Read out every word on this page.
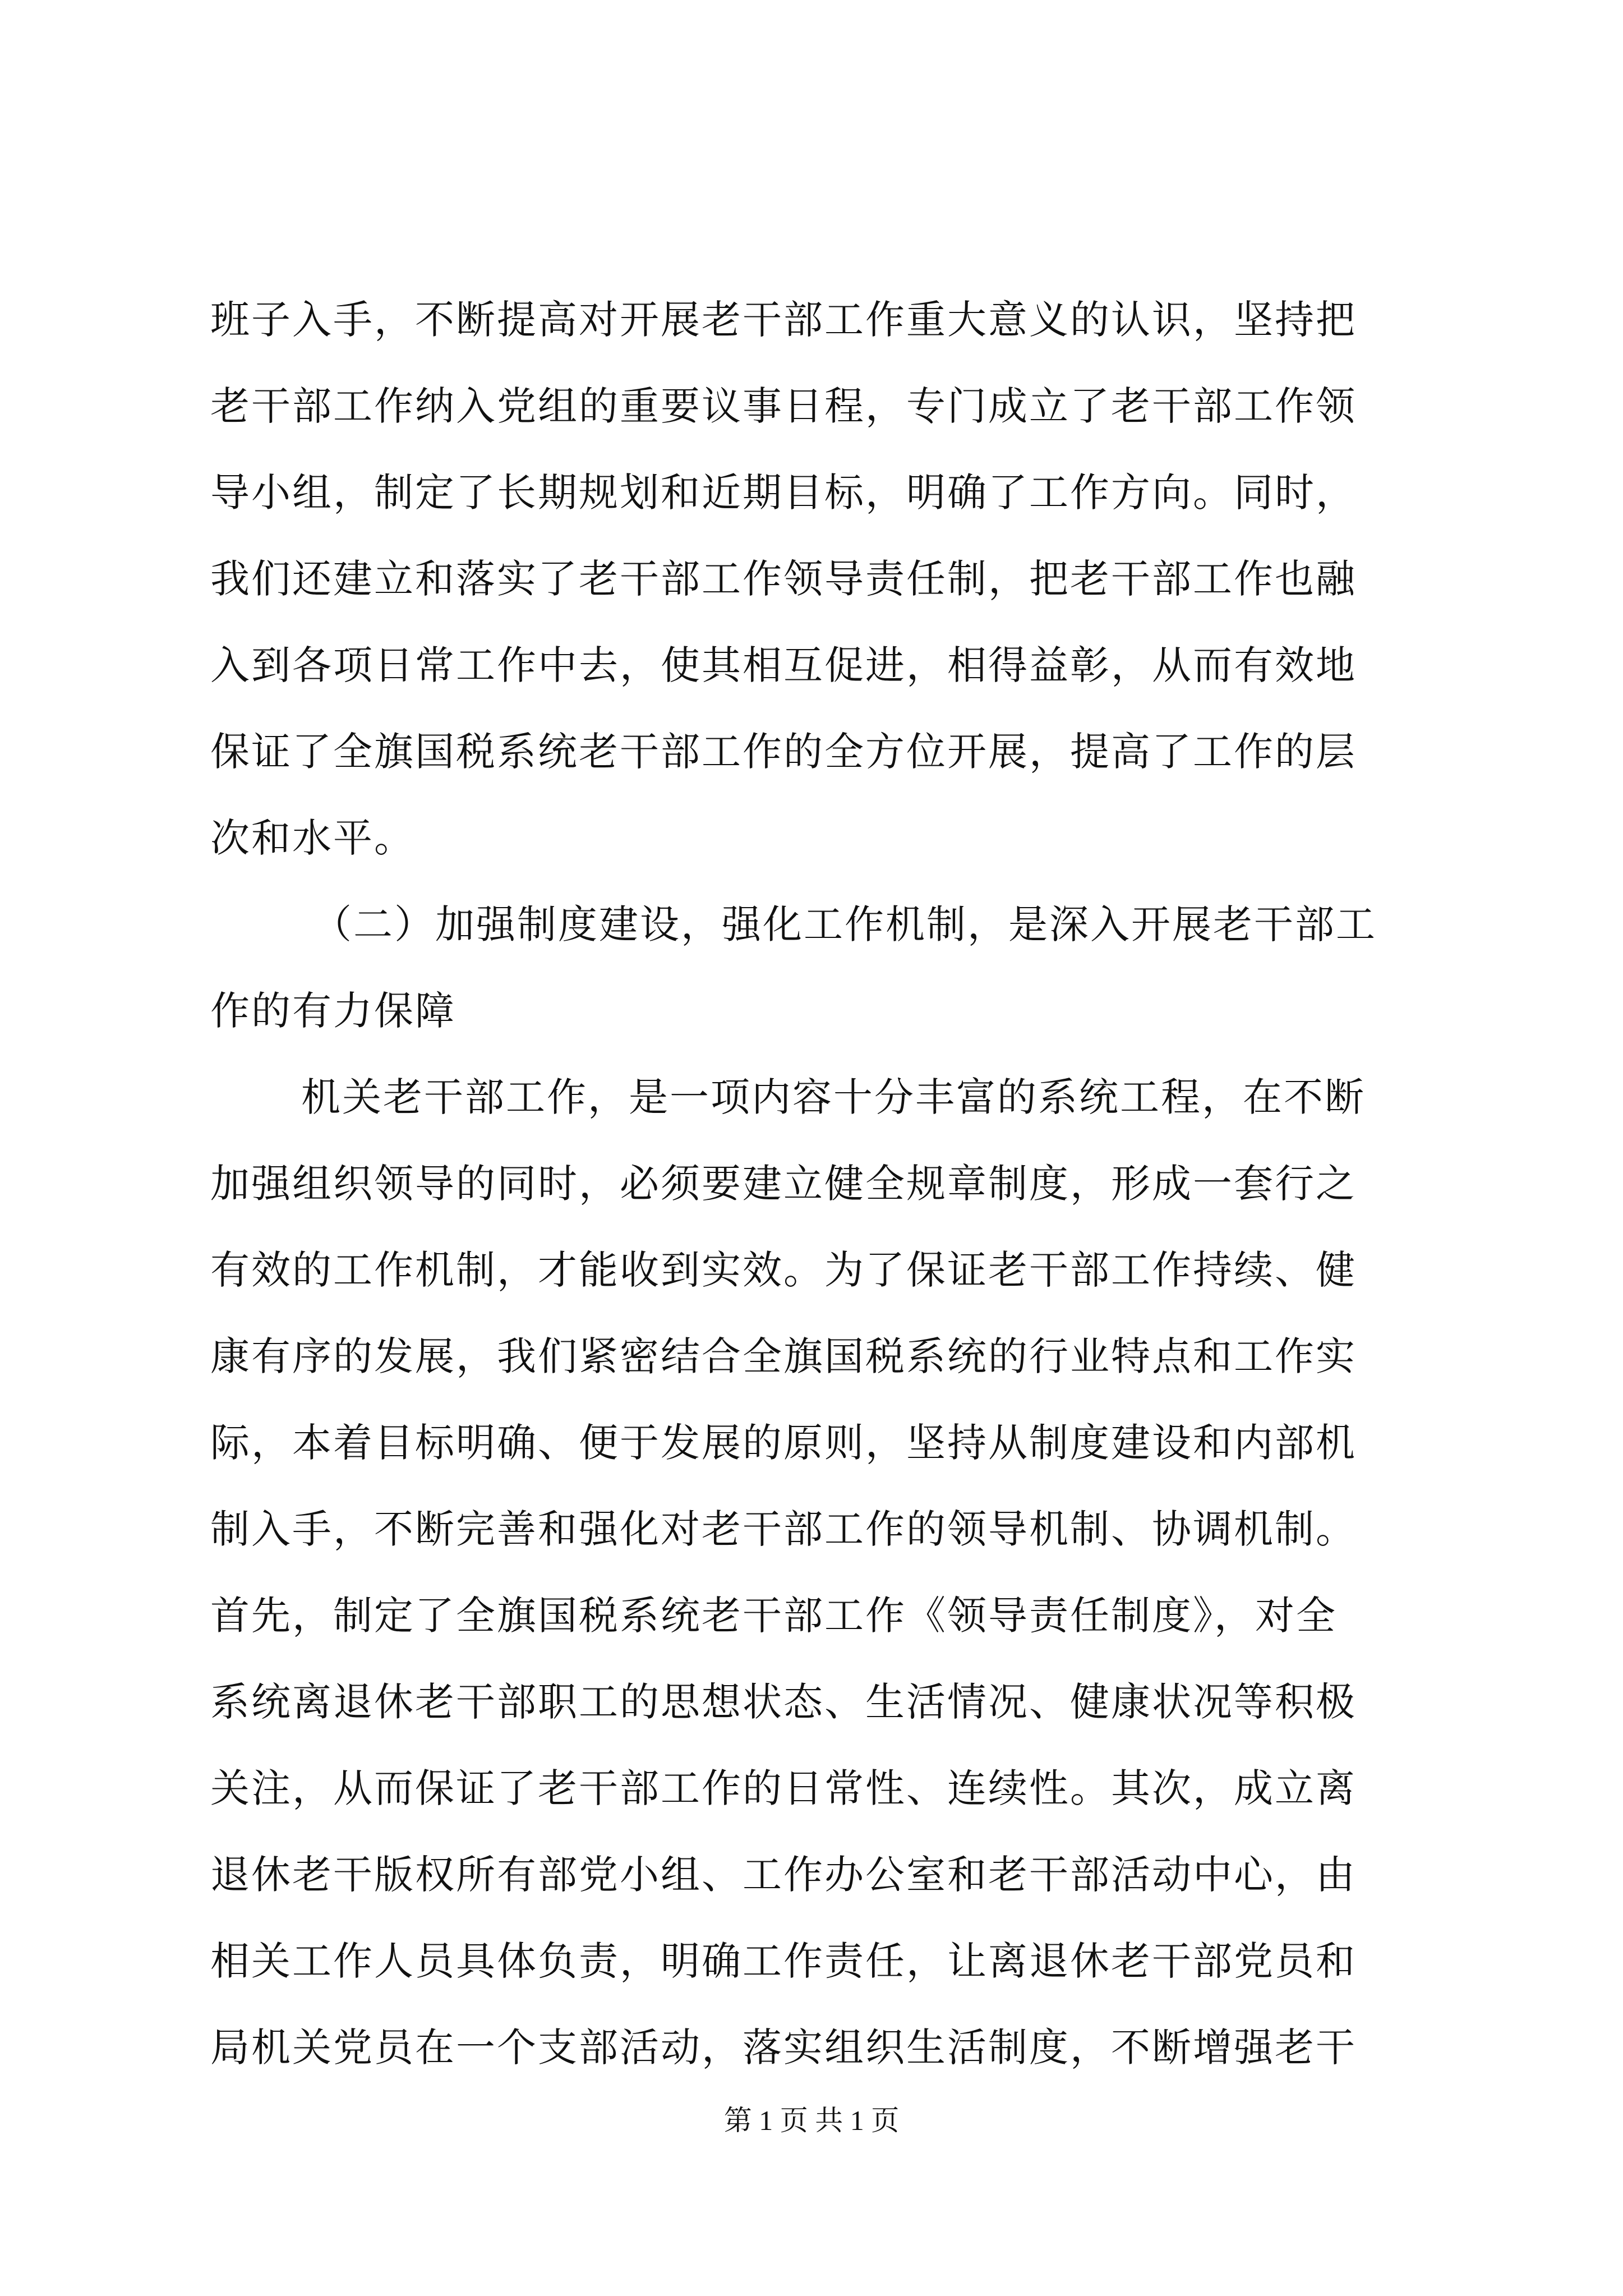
班子入手，不断提高对开展老干部工作重大意义的认识，坚持把
老干部工作纳入党组的重要议事日程，专门成立了老干部工作领
导小组，制定了长期规划和近期目标，明确了工作方向。同时，
我们还建立和落实了老干部工作领导责任制，把老干部工作也融
入到各项日常工作中去，使其相互促进，相得益彰，从而有效地
保证了全旗国税系统老干部工作的全方位开展，提高了工作的层
次和水平。
（二）加强制度建设，强化工作机制，是深入开展老干部工
作的有力保障
机关老干部工作，是一项内容十分丰富的系统工程，在不断
加强组织领导的同时，必须要建立健全规章制度，形成一套行之
有效的工作机制，才能收到实效。为了保证老干部工作持续、健
康有序的发展，我们紧密结合全旗国税系统的行业特点和工作实
际，本着目标明确、便于发展的原则，坚持从制度建设和内部机
制入手，不断完善和强化对老干部工作的领导机制、协调机制。
首先，制定了全旗国税系统老干部工作《领导责任制度》，对全
系统离退休老干部职工的思想状态、生活情况、健康状况等积极
关注，从而保证了老干部工作的日常性、连续性。其次，成立离
退休老干版权所有部党小组、工作办公室和老干部活动中心，由
相关工作人员具体负责，明确工作责任，让离退休老干部党员和
局机关党员在一个支部活动，落实组织生活制度，不断增强老干
第 1 页 共 1 页
